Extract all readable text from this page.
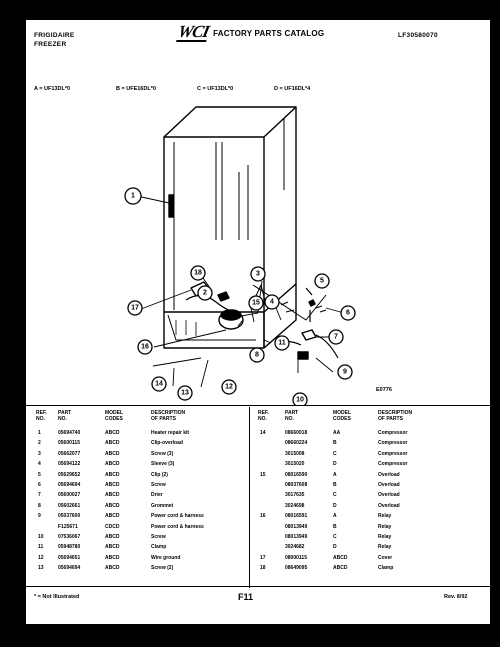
FRIGIDAIRE
FREEZER
WCI FACTORY PARTS CATALOG	LF30580070
A = UF13DL*0	B = UFE16DL*0	C = UF13DL*0	D = UF16DL*4
1
2
3
4
5
6
7
8
9
10
11
12
13
14
15
16
17
18
E0776
REF.
NO.
PART
NO.
MODEL
CODES
DESCRIPTION
OF PARTS
REF.
NO.
PART
NO.
MODEL
CODES
DESCRIPTION
OF PARTS
1	05694740	ABCD	Heater repair kit
2	05600115	ABCD	Clip-overload
3	05662077	ABCD	Screw (3)
4	05694122	ABCD	Sleeve (3)
5	05629652	ABCD	Clip (2)
6	05694694	ABCD	Screw
7	05600027	ABCD	Drier
8	05602661	ABCD	Grommet
9	05037600	ABCD	Power cord & harness
F125671	CDCD	Power cord & harness
10	07536067	ABCD	Screw
11	05948780	ABCD	Clamp
12	05694651	ABCD	Wire ground
13	05694694	ABCD	Screw (2)
14	08660018	AA	Compressor
08660224	B	Compressor
3015008	C	Compressor
3015020	D	Compressor
15	08016590	A	Overload
08037608	B	Overload
3017635	C	Overload
3024698	D	Overload
16	08016591	A	Relay
08013949	B	Relay
08013949	C	Relay
3024682	D	Relay
17	08000115	ABCD	Cover
18	08649095	ABCD	Clamp
* = Not Illustrated	F11	Rev. 8/92
